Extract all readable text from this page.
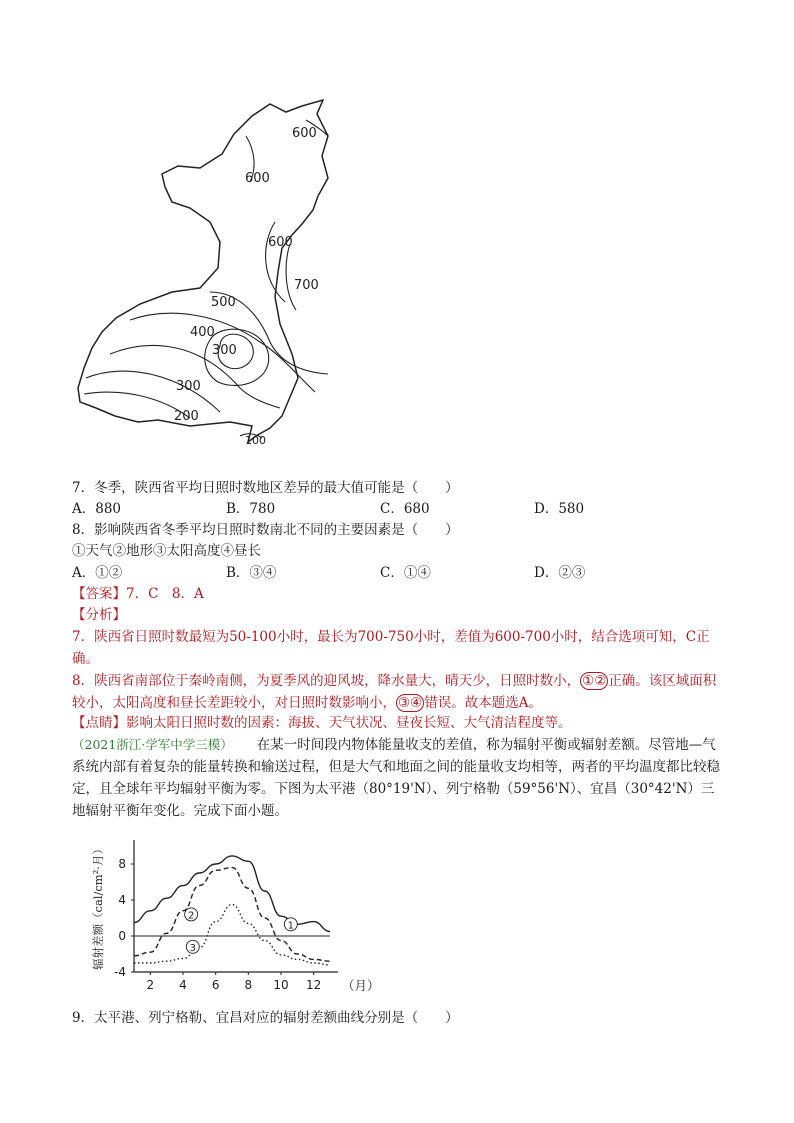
600
600
600
700
500
400
300
300
200
100
7．冬季，陕西省平均日照时数地区差异的最大值可能是（　　）
A．880	B．780	C．680	D．580
8．影响陕西省冬季平均日照时数南北不同的主要因素是（　　）
①天气②地形③太阳高度④昼长
A．①②	B．③④	C．①④	D．②③
【答案】7．C　8．A
【分析】
7．陕西省日照时数最短为50-100小时，最长为700-750小时，差值为600-700小时，结合选项可知，C正确。
8．陕西省南部位于秦岭南侧，为夏季风的迎风坡，降水量大，晴天少，日照时数小， ①② 正确。该区域面积较小，太阳高度和昼长差距较小，对日照时数影响小， ③④ 错误。故本题选A。
【点睛】影响太阳日照时数的因素：海拔、天气状况、昼夜长短、大气清洁程度等。
（2021浙江·学军中学三模） 在某一时间段内物体能量收支的差值，称为辐射平衡或辐射差额。尽管地—气系统内部有着复杂的能量转换和输送过程，但是大气和地面之间的能量收支均相等，两者的平均温度都比较稳定，且全球年平均辐射平衡为零。下图为太平港（80°19'N）、列宁格勒（59°56'N）、宜昌（30°42'N）三地辐射平衡年变化。完成下面小题。
8
4
0
-4
2 4 6 8 10 12 （月）
辐射差额（cal/cm²·月）	1
2
3
9．太平港、列宁格勒、宜昌对应的辐射差额曲线分别是（　　）
